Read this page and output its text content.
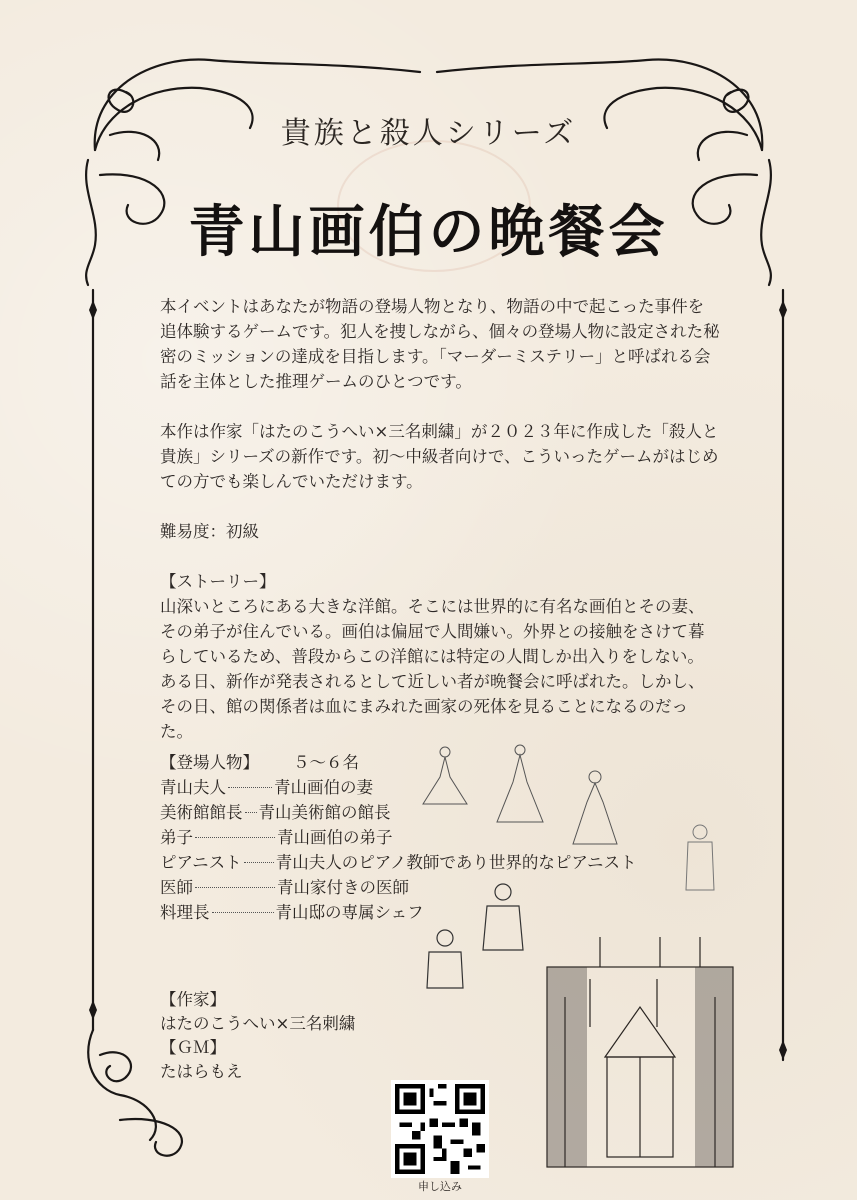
貴族と殺人シリーズ
青山画伯の晩餐会

本イベントはあなたが物語の登場人物となり、物語の中で起こった事件を追体験するゲームです。犯人を捜しながら、個々の登場人物に設定された秘密のミッションの達成を目指します。「マーダーミステリー」と呼ばれる会話を主体とした推理ゲームのひとつです。

本作は作家「はたのこうへい×三名刺繍」が２０２３年に作成した「殺人と貴族」シリーズの新作です。初〜中級者向けで、こういったゲームがはじめての方でも楽しんでいただけます。

難易度：初級

【ストーリー】

山深いところにある大きな洋館。そこには世界的に有名な画伯とその妻、その弟子が住んでいる。画伯は偏屈で人間嫌い。外界との接触をさけて暮らしているため、普段からこの洋館には特定の人間しか出入りをしない。ある日、新作が発表されるとして近しい者が晩餐会に呼ばれた。しかし、その日、館の関係者は血にまみれた画家の死体を見ることになるのだった。

【登場人物】 ５～６名
青山夫人	青山画伯の妻
美術館館長 青山美術館の館長
弟子	青山画伯の弟子
ピアニスト 青山夫人のピアノ教師であり世界的なピアニスト
医師	青山家付きの医師
料理長	青山邸の専属シェフ

【作家】

はたのこうへい×三名刺繍

【ＧＭ】

たはらもえ

申し込み
